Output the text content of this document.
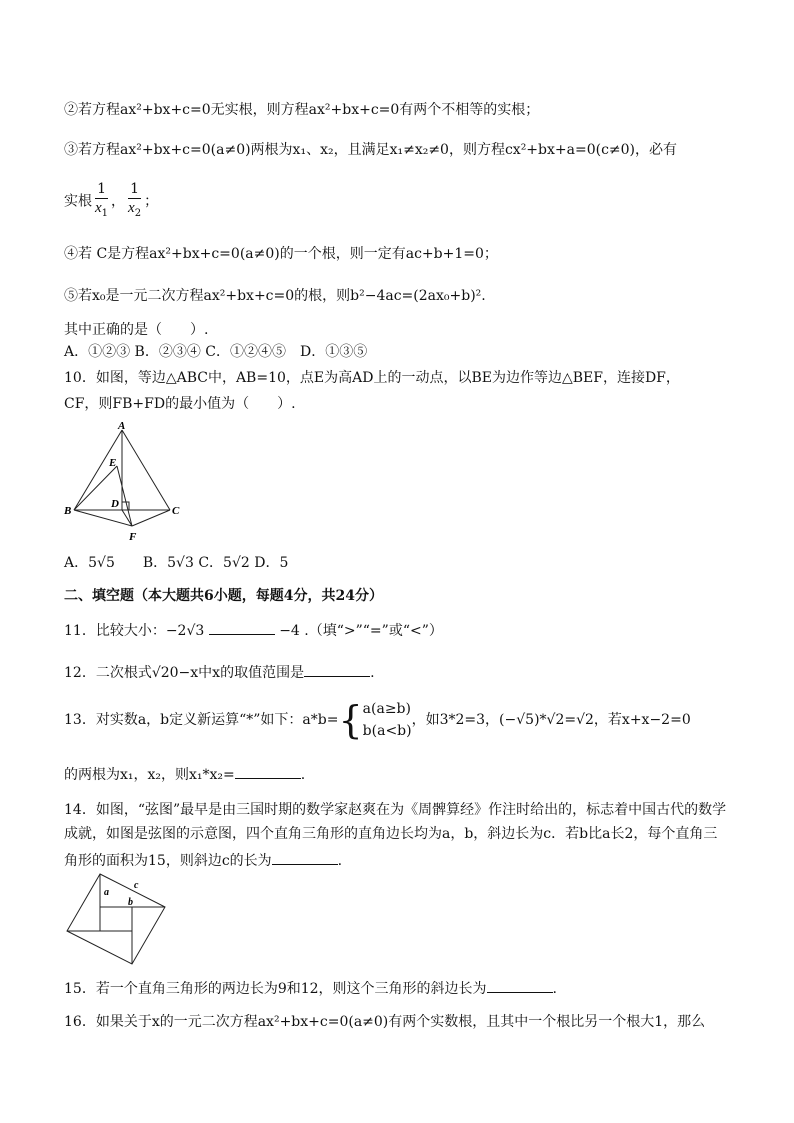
②若方程ax²+bx+c=0无实根，则方程ax²+bx+c=0有两个不相等的实根；
③若方程ax²+bx+c=0(a≠0)两根为x₁、x₂，且满足x₁≠x₂≠0，则方程cx²+bx+a=0(c≠0)，必有
实根 $\frac{1}{x_1}$ ， $\frac{1}{x_2}$ ；
④若 C是方程ax²+bx+c=0(a≠0)的一个根，则一定有ac+b+1=0；
⑤若x₀是一元二次方程ax²+bx+c=0的根，则b²−4ac=(2ax₀+b)².
其中正确的是（　　）.
A．①②③ B．②③④ C．①②④⑤　D．①③⑤
10．如图，等边△ABC中，AB=10，点E为高AD上的一动点，以BE为边作等边△BEF，连接DF，
CF，则FB+FD的最小值为（　　）.
A
E
D
B	C
F
A．5√5　　B．5√3 C．5√2 D．5
二、填空题（本大题共6小题，每题4分，共24分）
11．比较大小：−2√3	−4 .（填“>”“=”或“<”）
12．二次根式√20−x中x的取值范围是	.
13．对实数a，b定义新运算“*”如下：a*b={ a(a≥b)
b(a<b)
，如3*2=3，(−√5)*√2=√2，若x+x−2=0
的两根为x₁，x₂，则x₁*x₂=	.
14．如图，“弦图”最早是由三国时期的数学家赵爽在为《周髀算经》作注时给出的，标志着中国古代的数学
成就，如图是弦图的示意图，四个直角三角形的直角边长均为a，b，斜边长为c．若b比a长2，每个直角三
角形的面积为15，则斜边c的长为	.
a
b
c
15．若一个直角三角形的两边长为9和12，则这个三角形的斜边长为	.
16．如果关于x的一元二次方程ax²+bx+c=0(a≠0)有两个实数根，且其中一个根比另一个根大1，那么
